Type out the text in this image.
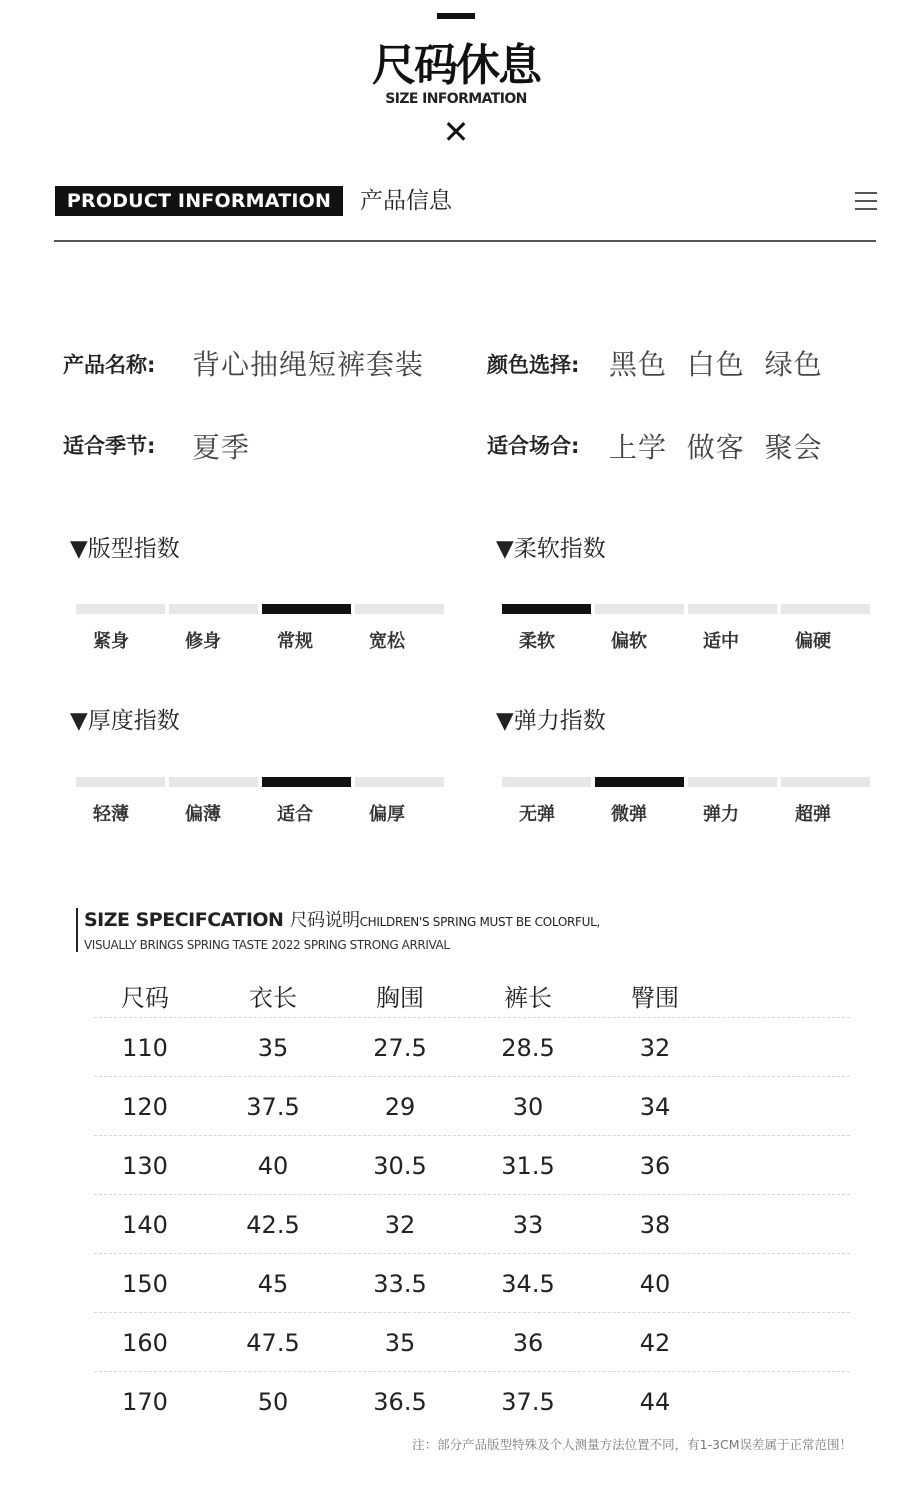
尺码休息
SIZE INFORMATION
✕
PRODUCT INFORMATION	产品信息
产品名称: 背心抽绳短裤套装	颜色选择: 黑色  白色  绿色
适合季节: 夏季	适合场合: 上学  做客  聚会
▼版型指数
紧身	修身	常规	宽松
▼柔软指数
柔软	偏软	适中	偏硬
▼厚度指数
轻薄	偏薄	适合	偏厚
▼弹力指数
无弹	微弹	弹力	超弹
SIZE SPECIFCATION 尺码说明CHILDREN'S SPRING MUST BE COLORFUL,
VISUALLY BRINGS SPRING TASTE 2022 SPRING STRONG ARRIVAL
尺码	衣长	胸围	裤长	臀围
110	35	27.5	28.5	32
120	37.5	29	30	34
130	40	30.5	31.5	36
140	42.5	32	33	38
150	45	33.5	34.5	40
160	47.5	35	36	42
170	50	36.5	37.5	44
注：部分产品版型特殊及个人测量方法位置不同，有1-3CM误差属于正常范围！
